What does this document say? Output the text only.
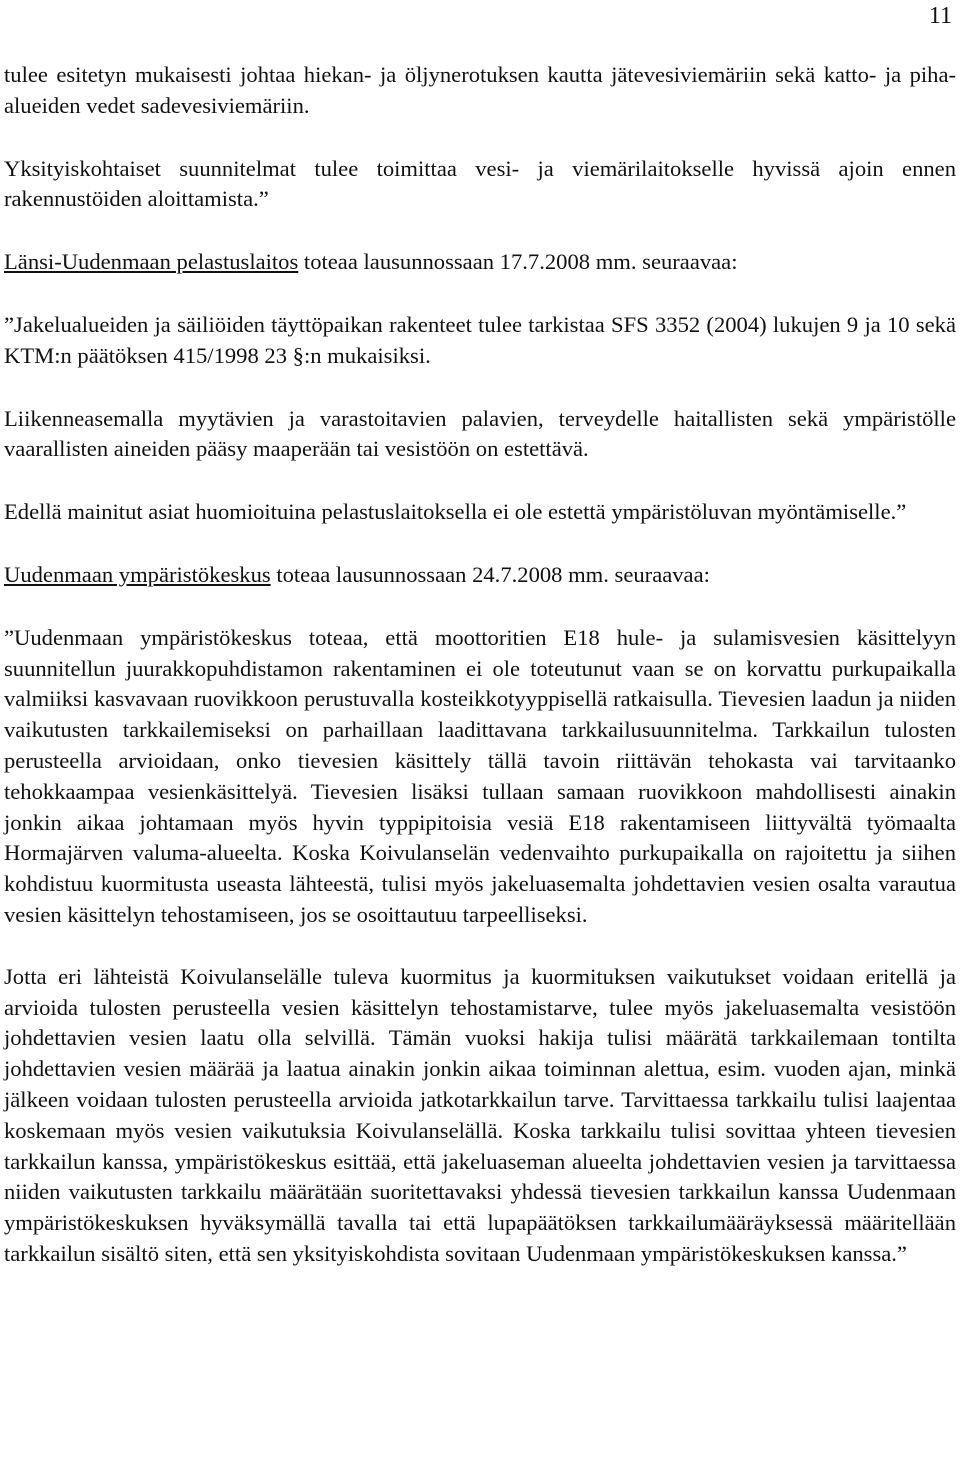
11

tulee esitetyn mukaisesti johtaa hiekan- ja öljynerotuksen kautta jätevesiviemäriin sekä katto- ja piha-alueiden vedet sadevesiviemäriin.

Yksityiskohtaiset suunnitelmat tulee toimittaa vesi- ja viemärilaitokselle hyvissä ajoin ennen rakennustöiden aloittamista.”

Länsi-Uudenmaan pelastuslaitos toteaa lausunnossaan 17.7.2008 mm. seuraavaa:

”Jakelualueiden ja säiliöiden täyttöpaikan rakenteet tulee tarkistaa SFS 3352 (2004) lukujen 9 ja 10 sekä KTM:n päätöksen 415/1998 23 §:n mukaisiksi.

Liikenneasemalla myytävien ja varastoitavien palavien, terveydelle haitallisten sekä ympäristölle vaarallisten aineiden pääsy maaperään tai vesistöön on estettävä.

Edellä mainitut asiat huomioituina pelastuslaitoksella ei ole estettä ympäristöluvan myöntämiselle.”

Uudenmaan ympäristökeskus toteaa lausunnossaan 24.7.2008 mm. seuraavaa:

”Uudenmaan ympäristökeskus toteaa, että moottoritien E18 hule- ja sulamisvesien käsittelyyn suunnitellun juurakkopuhdistamon rakentaminen ei ole toteutunut vaan se on korvattu purkupaikalla valmiiksi kasvavaan ruovikkoon perustuvalla kosteikkotyyppisellä ratkaisulla. Tievesien laadun ja niiden vaikutusten tarkkailemiseksi on parhaillaan laadittavana tarkkailusuunnitelma. Tarkkailun tulosten perusteella arvioidaan, onko tievesien käsittely tällä tavoin riittävän tehokasta vai tarvitaanko tehokkaampaa vesienkäsittelyä. Tievesien lisäksi tullaan samaan ruovikkoon mahdollisesti ainakin jonkin aikaa johtamaan myös hyvin typpipitoisia vesiä E18 rakentamiseen liittyvältä työmaalta Hormajärven valuma-alueelta. Koska Koivulanselän vedenvaihto purkupaikalla on rajoitettu ja siihen kohdistuu kuormitusta useasta lähteestä, tulisi myös jakeluasemalta johdettavien vesien osalta varautua vesien käsittelyn tehostamiseen, jos se osoittautuu tarpeelliseksi.

Jotta eri lähteistä Koivulanselälle tuleva kuormitus ja kuormituksen vaikutukset voidaan eritellä ja arvioida tulosten perusteella vesien käsittelyn tehostamistarve, tulee myös jakeluasemalta vesistöön johdettavien vesien laatu olla selvillä. Tämän vuoksi hakija tulisi määrätä tarkkailemaan tontilta johdettavien vesien määrää ja laatua ainakin jonkin aikaa toiminnan alettua, esim. vuoden ajan, minkä jälkeen voidaan tulosten perusteella arvioida jatkotarkkailun tarve. Tarvittaessa tarkkailu tulisi laajentaa koskemaan myös vesien vaikutuksia Koivulanselällä. Koska tarkkailu tulisi sovittaa yhteen tievesien tarkkailun kanssa, ympäristökeskus esittää, että jakeluaseman alueelta johdettavien vesien ja tarvittaessa niiden vaikutusten tarkkailu määrätään suoritettavaksi yhdessä tievesien tarkkailun kanssa Uudenmaan ympäristökeskuksen hyväksymällä tavalla tai että lupapäätöksen tarkkailumääräyksessä määritellään tarkkailun sisältö siten, että sen yksityiskohdista sovitaan Uudenmaan ympäristökeskuksen kanssa.”
